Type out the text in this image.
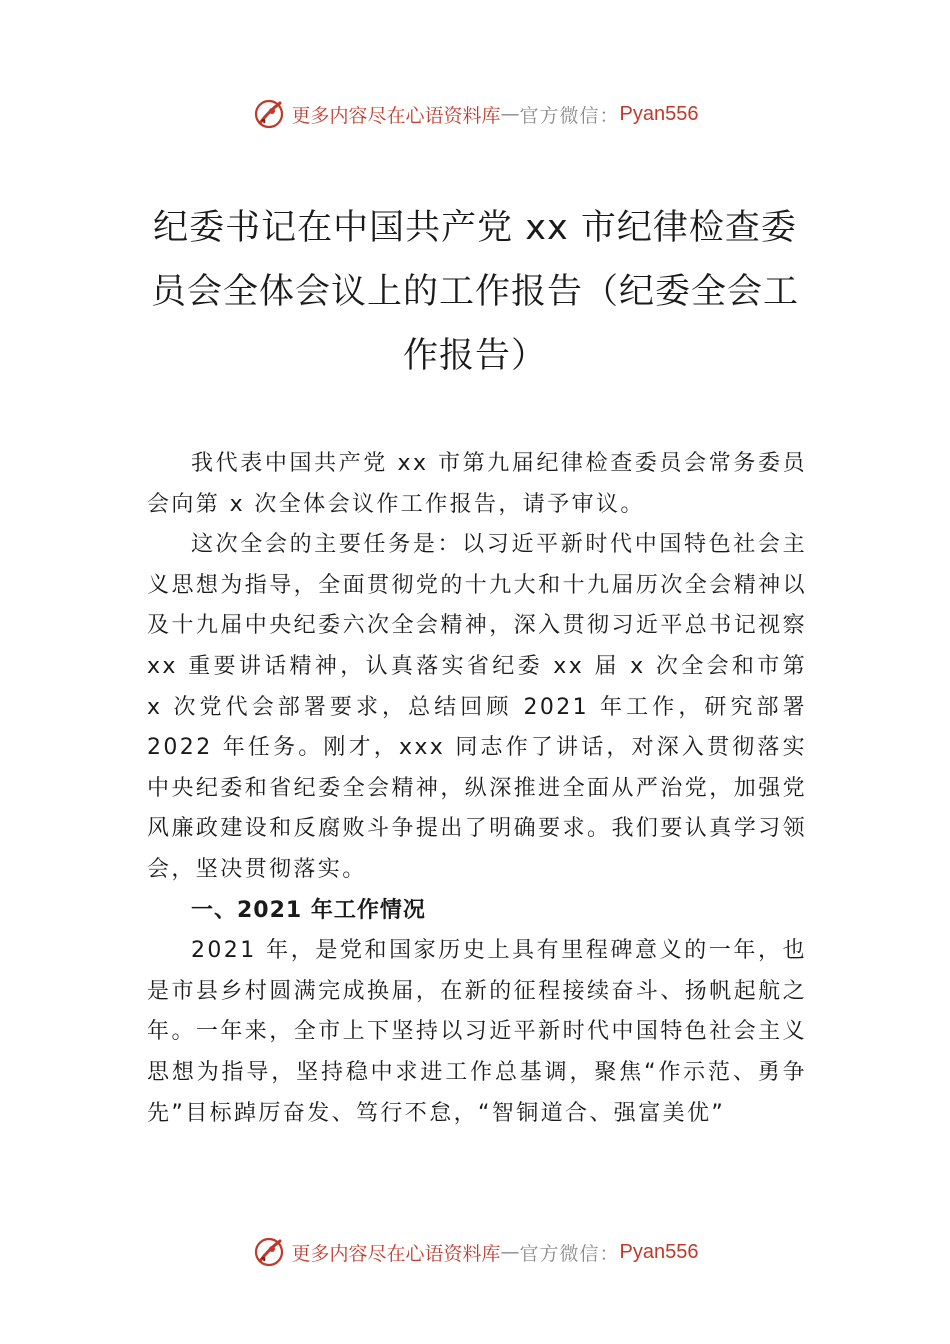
更多内容尽在心语资料库 — 官方微信： Pyan556
纪委书记在中国共产党 xx 市纪律检查委员会全体会议上的工作报告（纪委全会工作报告）

我代表中国共产党 xx 市第九届纪律检查委员会常务委员会向第 x 次全体会议作工作报告，请予审议。

这次全会的主要任务是：以习近平新时代中国特色社会主义思想为指导，全面贯彻党的十九大和十九届历次全会精神以及十九届中央纪委六次全会精神，深入贯彻习近平总书记视察 xx 重要讲话精神，认真落实省纪委 xx 届 x 次全会和市第 x 次党代会部署要求，总结回顾 2021 年工作，研究部署 2022 年任务。刚才，xxx 同志作了讲话，对深入贯彻落实中央纪委和省纪委全会精神，纵深推进全面从严治党，加强党风廉政建设和反腐败斗争提出了明确要求。我们要认真学习领会，坚决贯彻落实。

一、2021 年工作情况

2021 年，是党和国家历史上具有里程碑意义的一年，也是市县乡村圆满完成换届，在新的征程接续奋斗、扬帆起航之年。一年来，全市上下坚持以习近平新时代中国特色社会主义思想为指导，坚持稳中求进工作总基调，聚焦“作示范、勇争先”目标踔厉奋发、笃行不怠，“智铜道合、强富美优”

更多内容尽在心语资料库 — 官方微信： Pyan556
